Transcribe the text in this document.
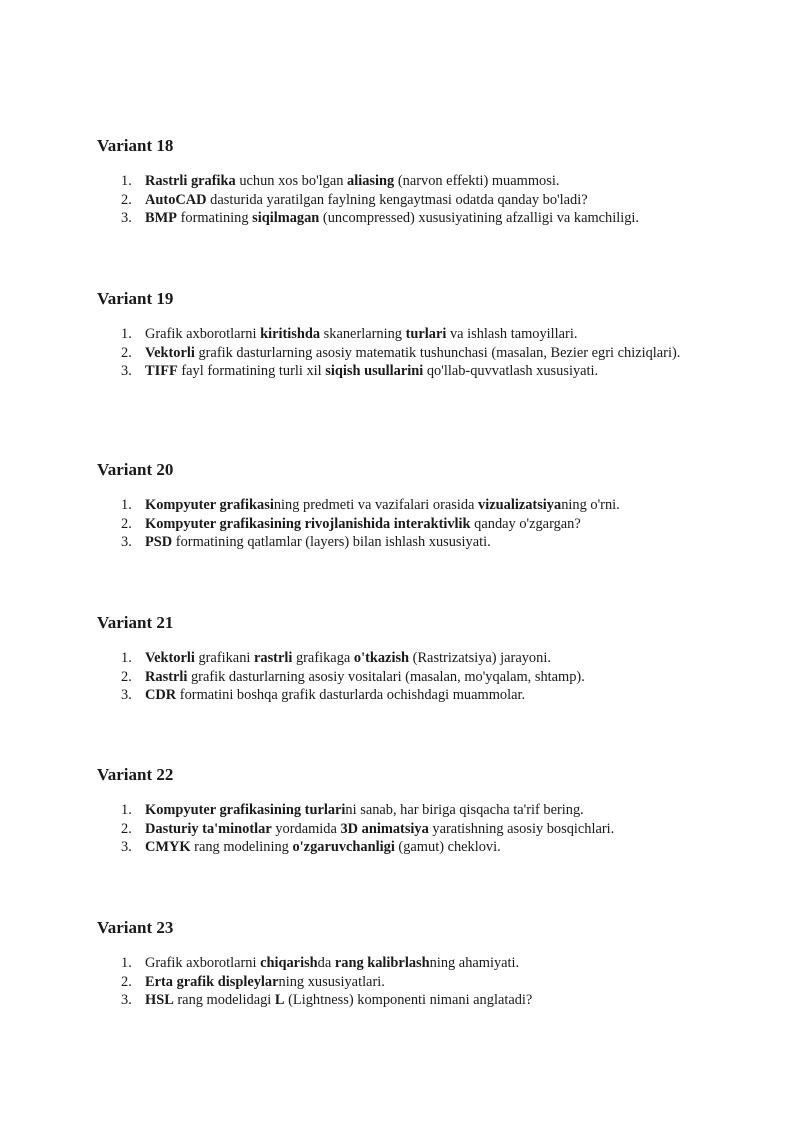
Variant 18
1. Rastrli grafika uchun xos bo'lgan aliasing (narvon effekti) muammosi.
2. AutoCAD dasturida yaratilgan faylning kengaytmasi odatda qanday bo'ladi?
3. BMP formatining siqilmagan (uncompressed) xususiyatining afzalligi va kamchiligi.
Variant 19
1. Grafik axborotlarni kiritishda skanerlarning turlari va ishlash tamoyillari.
2. Vektorli grafik dasturlarning asosiy matematik tushunchasi (masalan, Bezier egri chiziqlari).
3. TIFF fayl formatining turli xil siqish usullarini qo'llab-quvvatlash xususiyati.
Variant 20
1. Kompyuter grafikasining predmeti va vazifalari orasida vizualizatsiyaning o'rni.
2. Kompyuter grafikasining rivojlanishida interaktivlik qanday o'zgargan?
3. PSD formatining qatlamlar (layers) bilan ishlash xususiyati.
Variant 21
1. Vektorli grafikani rastrli grafikaga o'tkazish (Rastrizatsiya) jarayoni.
2. Rastrli grafik dasturlarning asosiy vositalari (masalan, mo'yqalam, shtamp).
3. CDR formatini boshqa grafik dasturlarda ochishdagi muammolar.
Variant 22
1. Kompyuter grafikasining turlarini sanab, har biriga qisqacha ta'rif bering.
2. Dasturiy ta'minotlar yordamida 3D animatsiya yaratishning asosiy bosqichlari.
3. CMYK rang modelining o'zgaruvchanligi (gamut) cheklovi.
Variant 23
1. Grafik axborotlarni chiqarishda rang kalibrlashning ahamiyati.
2. Erta grafik displeylarning xususiyatlari.
3. HSL rang modelidagi L (Lightness) komponenti nimani anglatadi?
